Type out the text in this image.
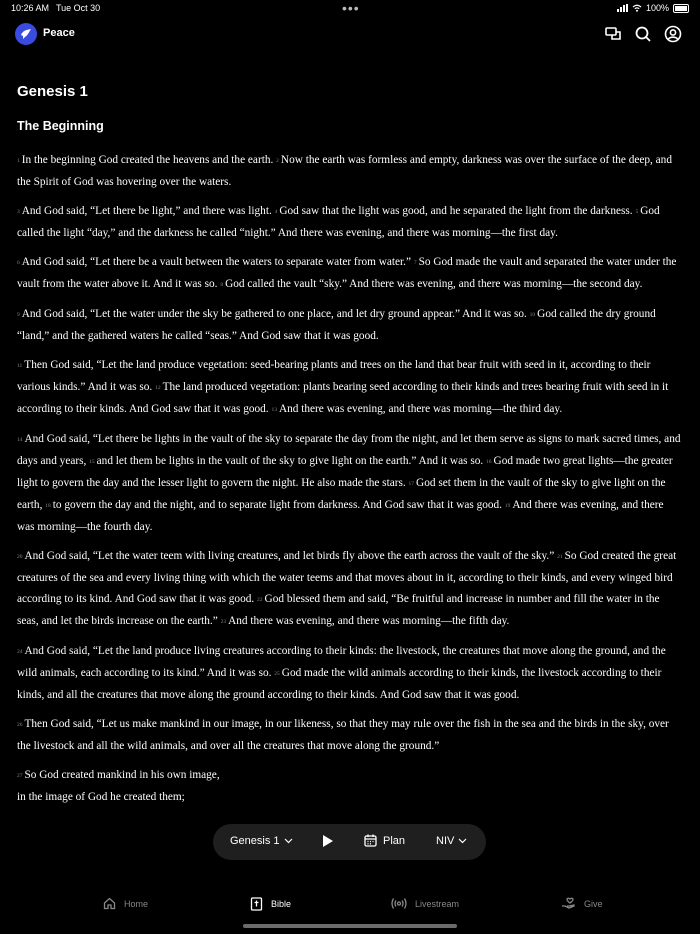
10:26 AM Tue Oct 30	•••	100%
Peace
Genesis 1
The Beginning

1 In the beginning God created the heavens and the earth. 2 Now the earth was formless and empty, darkness was over the surface of the deep, and the Spirit of God was hovering over the waters.

3 And God said, “Let there be light,” and there was light. 4 God saw that the light was good, and he separated the light from the darkness. 5 God called the light “day,” and the darkness he called “night.” And there was evening, and there was morning—the first day.

6 And God said, “Let there be a vault between the waters to separate water from water.” 7 So God made the vault and separated the water under the vault from the water above it. And it was so. 8 God called the vault “sky.” And there was evening, and there was morning—the second day.

9 And God said, “Let the water under the sky be gathered to one place, and let dry ground appear.” And it was so. 10 God called the dry ground “land,” and the gathered waters he called “seas.” And God saw that it was good.

11 Then God said, “Let the land produce vegetation: seed-bearing plants and trees on the land that bear fruit with seed in it, according to their various kinds.” And it was so. 12 The land produced vegetation: plants bearing seed according to their kinds and trees bearing fruit with seed in it according to their kinds. And God saw that it was good. 13 And there was evening, and there was morning—the third day.

14 And God said, “Let there be lights in the vault of the sky to separate the day from the night, and let them serve as signs to mark sacred times, and days and years, 15 and let them be lights in the vault of the sky to give light on the earth.” And it was so. 16 God made two great lights—the greater light to govern the day and the lesser light to govern the night. He also made the stars. 17 God set them in the vault of the sky to give light on the earth, 18 to govern the day and the night, and to separate light from darkness. And God saw that it was good. 19 And there was evening, and there was morning—the fourth day.

20 And God said, “Let the water teem with living creatures, and let birds fly above the earth across the vault of the sky.” 21 So God created the great creatures of the sea and every living thing with which the water teems and that moves about in it, according to their kinds, and every winged bird according to its kind. And God saw that it was good. 22 God blessed them and said, “Be fruitful and increase in number and fill the water in the seas, and let the birds increase on the earth.” 23 And there was evening, and there was morning—the fifth day.

24 And God said, “Let the land produce living creatures according to their kinds: the livestock, the creatures that move along the ground, and the wild animals, each according to its kind.” And it was so. 25 God made the wild animals according to their kinds, the livestock according to their kinds, and all the creatures that move along the ground according to their kinds. And God saw that it was good.

26 Then God said, “Let us make mankind in our image, in our likeness, so that they may rule over the fish in the sea and the birds in the sky, over the livestock and all the wild animals, and over all the creatures that move along the ground.”

27 So God created mankind in his own image,
in the image of God he created them;

Genesis 1	Plan	NIV
Home	Bible	Livestream	Give
